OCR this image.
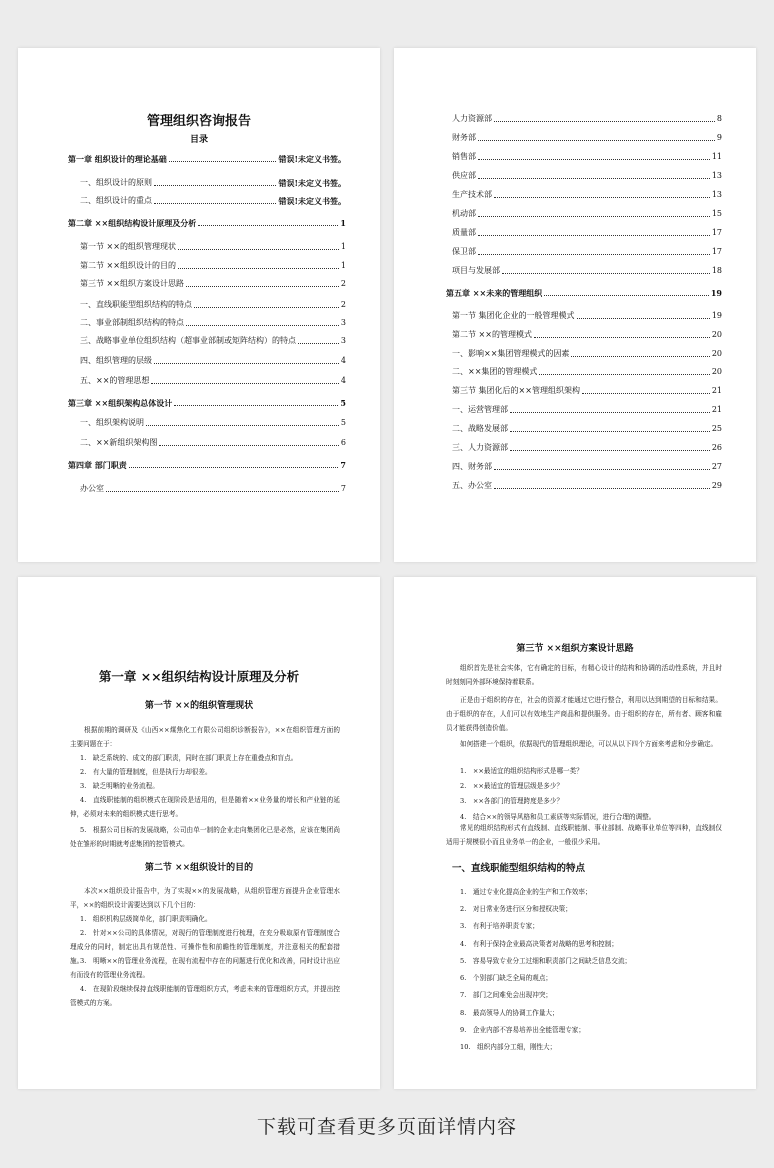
管理组织咨询报告
目录
第一章 组织设计的理论基础	错误!未定义书签。
一、组织设计的原则	错误!未定义书签。
二、组织设计的重点	错误!未定义书签。
第二章 ××组织结构设计原理及分析	1
第一节 ××的组织管理现状	1
第二节 ××组织设计的目的	1
第三节 ××组织方案设计思路	2
一、直线职能型组织结构的特点	2
二、事业部制组织结构的特点	3
三、战略事业单位组织结构（超事业部制或矩阵结构）的特点	3
四、组织管理的层级	4
五、××的管理思想	4
第三章 ××组织架构总体设计	5
一、组织架构说明	5
二、××新组织架构图	6
第四章 部门职责	7
办公室	7
人力资源部	8
财务部	9
销售部	11
供应部	13
生产技术部	13
机动部	15
质量部	17
保卫部	17
项目与发展部	18
第五章 ××未来的管理组织	19
第一节 集团化企业的一般管理模式	19
第二节 ××的管理模式	20
一、影响××集团管理模式的因素	20
二、××集团的管理模式	20
第三节 集团化后的××管理组织架构	21
一、运营管理部	21
二、战略发展部	25
三、人力资源部	26
四、财务部	27
五、办公室	29
第一章 ××组织结构设计原理及分析
第一节 ××的组织管理现状
根据前期的调研及《山西××煤焦化工有限公司组织诊断报告》，××在组织管理方面的主要问题在于：
1.　缺乏系统的、成文的部门职责，同时在部门职责上存在重叠点和盲点。
2.　有大量的管理制度，但是执行力却很差。
3.　缺乏明晰的业务流程。
4.　直线职能制的组织模式在现阶段是适用的，但是随着××业务量的增长和产业链的延伸，必须对未来的组织模式进行思考。
5.　根据公司目标的发展战略，公司由单一制的企业走向集团化已是必然，应该在集团尚处在雏形的时期就考虑集团的控管模式。
第二节 ××组织设计的目的
本次××组织设计报告中，为了实现××的发展战略，从组织管理方面提升企业管理水平，××的组织设计需要达到以下几个目的：
1.　组织机构层级简单化，部门职责明确化。
2.　针对××公司的具体情况，对现行的管理制度进行梳理，在充分吸取原有管理制度合理成分的同时，制定出具有规范性、可操作性和前瞻性的管理制度，并注意相关的配套措施。
3.　明晰××的管理业务流程，在现有流程中存在的问题进行优化和改善，同时设计出应有而没有的管理业务流程。
4.　在现阶段继续保持直线职能制的管理组织方式，考虑未来的管理组织方式，并提出控管模式的方案。
第三节 ××组织方案设计思路
组织首先是社会实体，它有确定的目标，有精心设计的结构和协调的活动性系统，并且时时刻刻同外部环境保持着联系。
正是由于组织的存在，社会的资源才能通过它进行整合，利用以达到期望的目标和结果。由于组织的存在，人们可以有效地生产商品和提供服务。由于组织的存在，所有者、顾客和雇员才能获得创造价值。
如何搭建一个组织，依据现代的管理组织理论，可以从以下四个方面来考虑和分步确定。
1.　××最适宜的组织结构形式是哪一类？
2.　××最适宜的管理层级是多少？
3.　××各部门的管理跨度是多少？
4.　结合××的领导风格和员工素质等实际情况，进行合理的调整。
常见的组织结构形式有直线制、直线职能制、事业部制、战略事业单位等四种，直线制仅适用于规模很小而且业务单一的企业，一般很少采用。
一、直线职能型组织结构的特点
1.　通过专业化提高企业的生产和工作效率；
2.　对日常业务进行区分和授权决策；
3.　有利于培养职责专家；
4.　有利于保持企业最高决策者对战略的思考和控制；
5.　容易导致专业分工过细和职责部门之间缺乏信息交流；
6.　个别部门缺乏全局的观点；
7.　部门之间难免会出现冲突；
8.　最高领导人的协调工作量大；
9.　企业内部不容易培养出全能管理专家；
10.　组织内部分工细，刚性大；
下载可查看更多页面详情内容
